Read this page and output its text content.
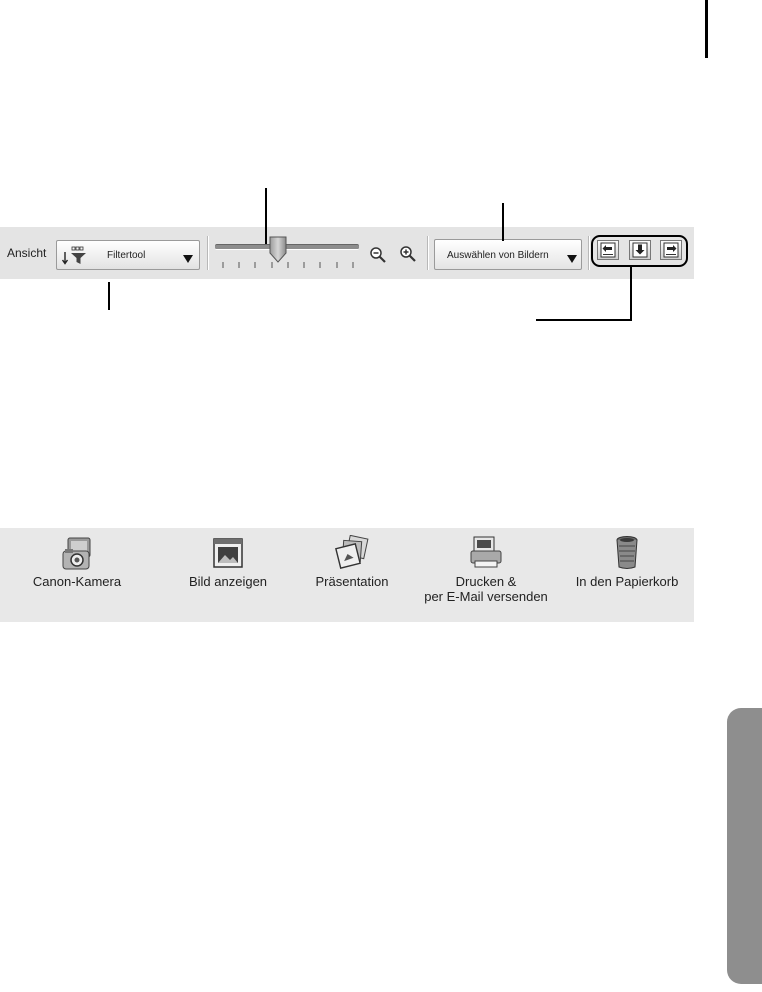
Ansicht	Filtertool	Auswählen von Bildern
Canon-Kamera	Bild anzeigen	Präsentation	Drucken &
per E-Mail versenden
In den Papierkorb
